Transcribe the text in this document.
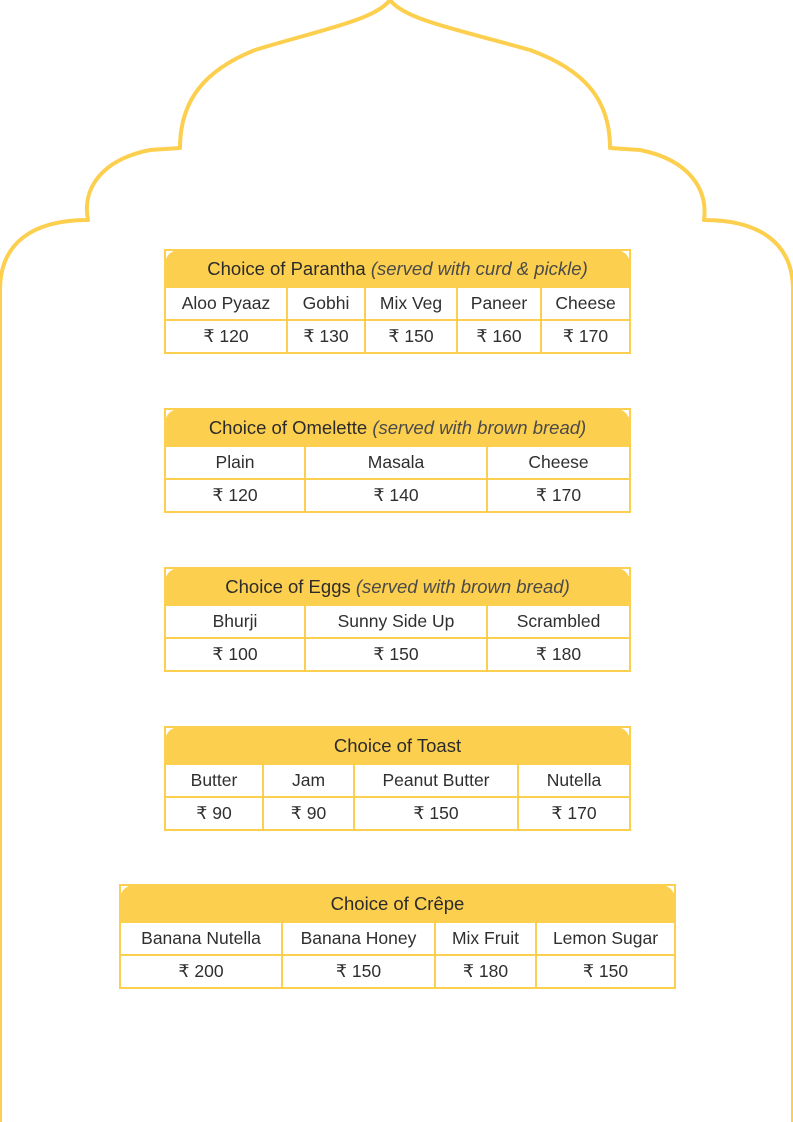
Choice of Parantha (served with curd & pickle)				
Aloo Pyaaz	Gobhi	Mix Veg	Paneer	Cheese
₹ 120	₹ 130	₹ 150	₹ 160	₹ 170
Choice of Omelette (served with brown bread)		
Plain	Masala	Cheese
₹ 120	₹ 140	₹ 170
Choice of Eggs (served with brown bread)		
Bhurji	Sunny Side Up	Scrambled
₹ 100	₹ 150	₹ 180
Choice of Toast			
Butter	Jam	Peanut Butter	Nutella
₹ 90	₹ 90	₹ 150	₹ 170
Choice of Crêpe			
Banana Nutella	Banana Honey	Mix Fruit	Lemon Sugar
₹ 200	₹ 150	₹ 180	₹ 150
